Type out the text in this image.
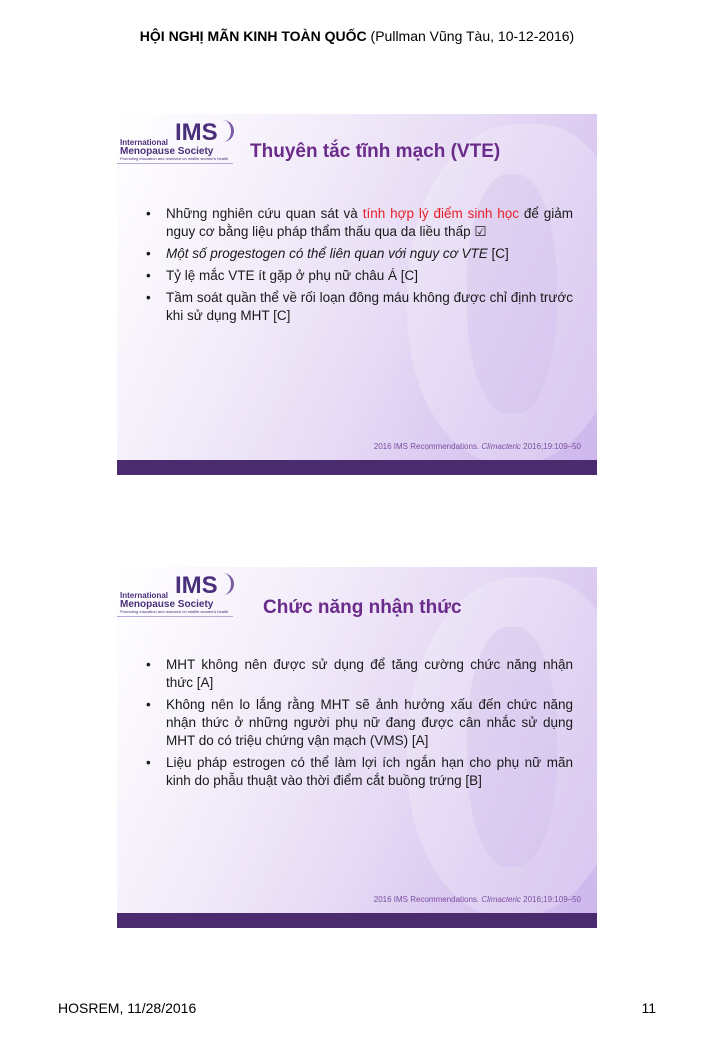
HỘI NGHỊ MÃN KINH TOÀN QUỐC (Pullman Vũng Tàu, 10-12-2016)
International
Menopause Society
IMS
Promoting education and research on midlife women's health Thuyên tắc tĩnh mạch (VTE)
• Những nghiên cứu quan sát và tính hợp lý điểm sinh học để giảm nguy cơ bằng liệu pháp thẩm thấu qua da liều thấp ☑
• Một số progestogen có thể liên quan với nguy cơ VTE [C]
• Tỷ lệ mắc VTE ít gặp ở phụ nữ châu Á [C]
• Tầm soát quần thể về rối loạn đông máu không được chỉ định trước khi sử dụng MHT [C]
2016 IMS Recommendations. Climacteric 2016;19:109–50
International
Menopause Society
IMS
Promoting education and research on midlife women's health Chức năng nhận thức
• MHT không nên được sử dụng để tăng cường chức năng nhận thức [A]
• Không nên lo lắng rằng MHT sẽ ảnh hưởng xấu đến chức năng nhận thức ở những người phụ nữ đang được cân nhắc sử dụng MHT do có triệu chứng vận mạch (VMS) [A]
• Liệu pháp estrogen có thể làm lợi ích ngắn hạn cho phụ nữ mãn kinh do phẫu thuật vào thời điểm cắt buồng trứng [B]
2016 IMS Recommendations. Climacteric 2016;19:109–50
HOSREM, 11/28/2016	11
